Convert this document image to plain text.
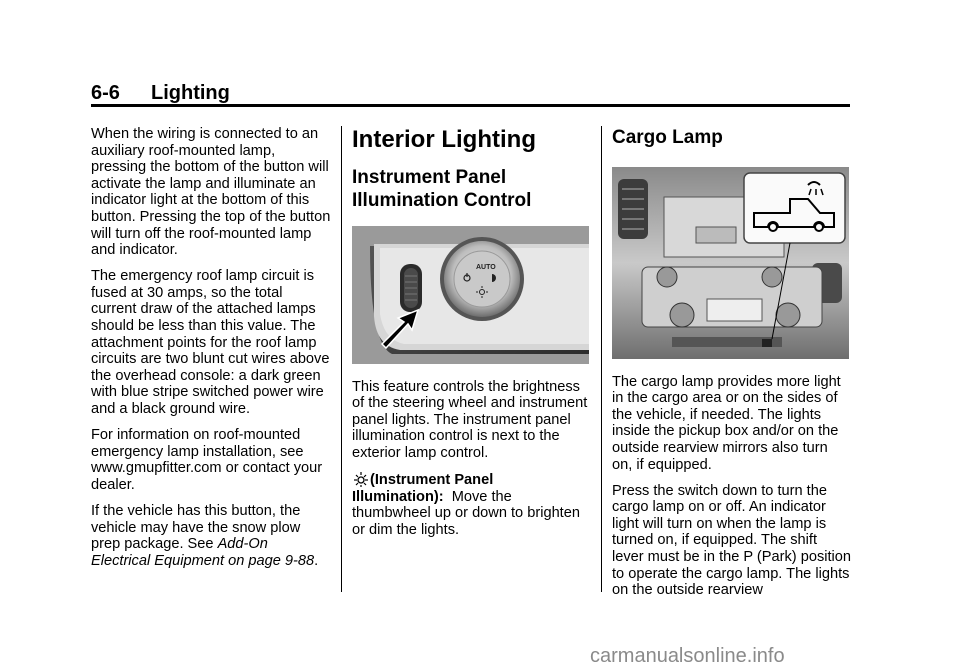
6-6 Lighting

When the wiring is connected to an auxiliary roof-mounted lamp, pressing the bottom of the button will activate the lamp and illuminate an indicator light at the bottom of this button. Pressing the top of the button will turn off the roof-mounted lamp and indicator.

The emergency roof lamp circuit is fused at 30 amps, so the total current draw of the attached lamps should be less than this value. The attachment points for the roof lamp circuits are two blunt cut wires above the overhead console: a dark green with blue stripe switched power wire and a black ground wire.

For information on roof-mounted emergency lamp installation, see www.gmupfitter.com or contact your dealer.

If the vehicle has this button, the vehicle may have the snow plow prep package. See Add-On Electrical Equipment on page 9-88.

Interior Lighting
Instrument Panel Illumination Control
AUTO

This feature controls the brightness of the steering wheel and instrument panel lights. The instrument panel illumination control is next to the exterior lamp control.

(Instrument Panel Illumination): Move the thumbwheel up or down to brighten or dim the lights.

Cargo Lamp

The cargo lamp provides more light in the cargo area or on the sides of the vehicle, if needed. The lights inside the pickup box and/or on the outside rearview mirrors also turn on, if equipped.

Press the switch down to turn the cargo lamp on or off. An indicator light will turn on when the lamp is turned on, if equipped. The shift lever must be in the P (Park) position to operate the cargo lamp. The lights on the outside rearview

carmanualsonline.info
